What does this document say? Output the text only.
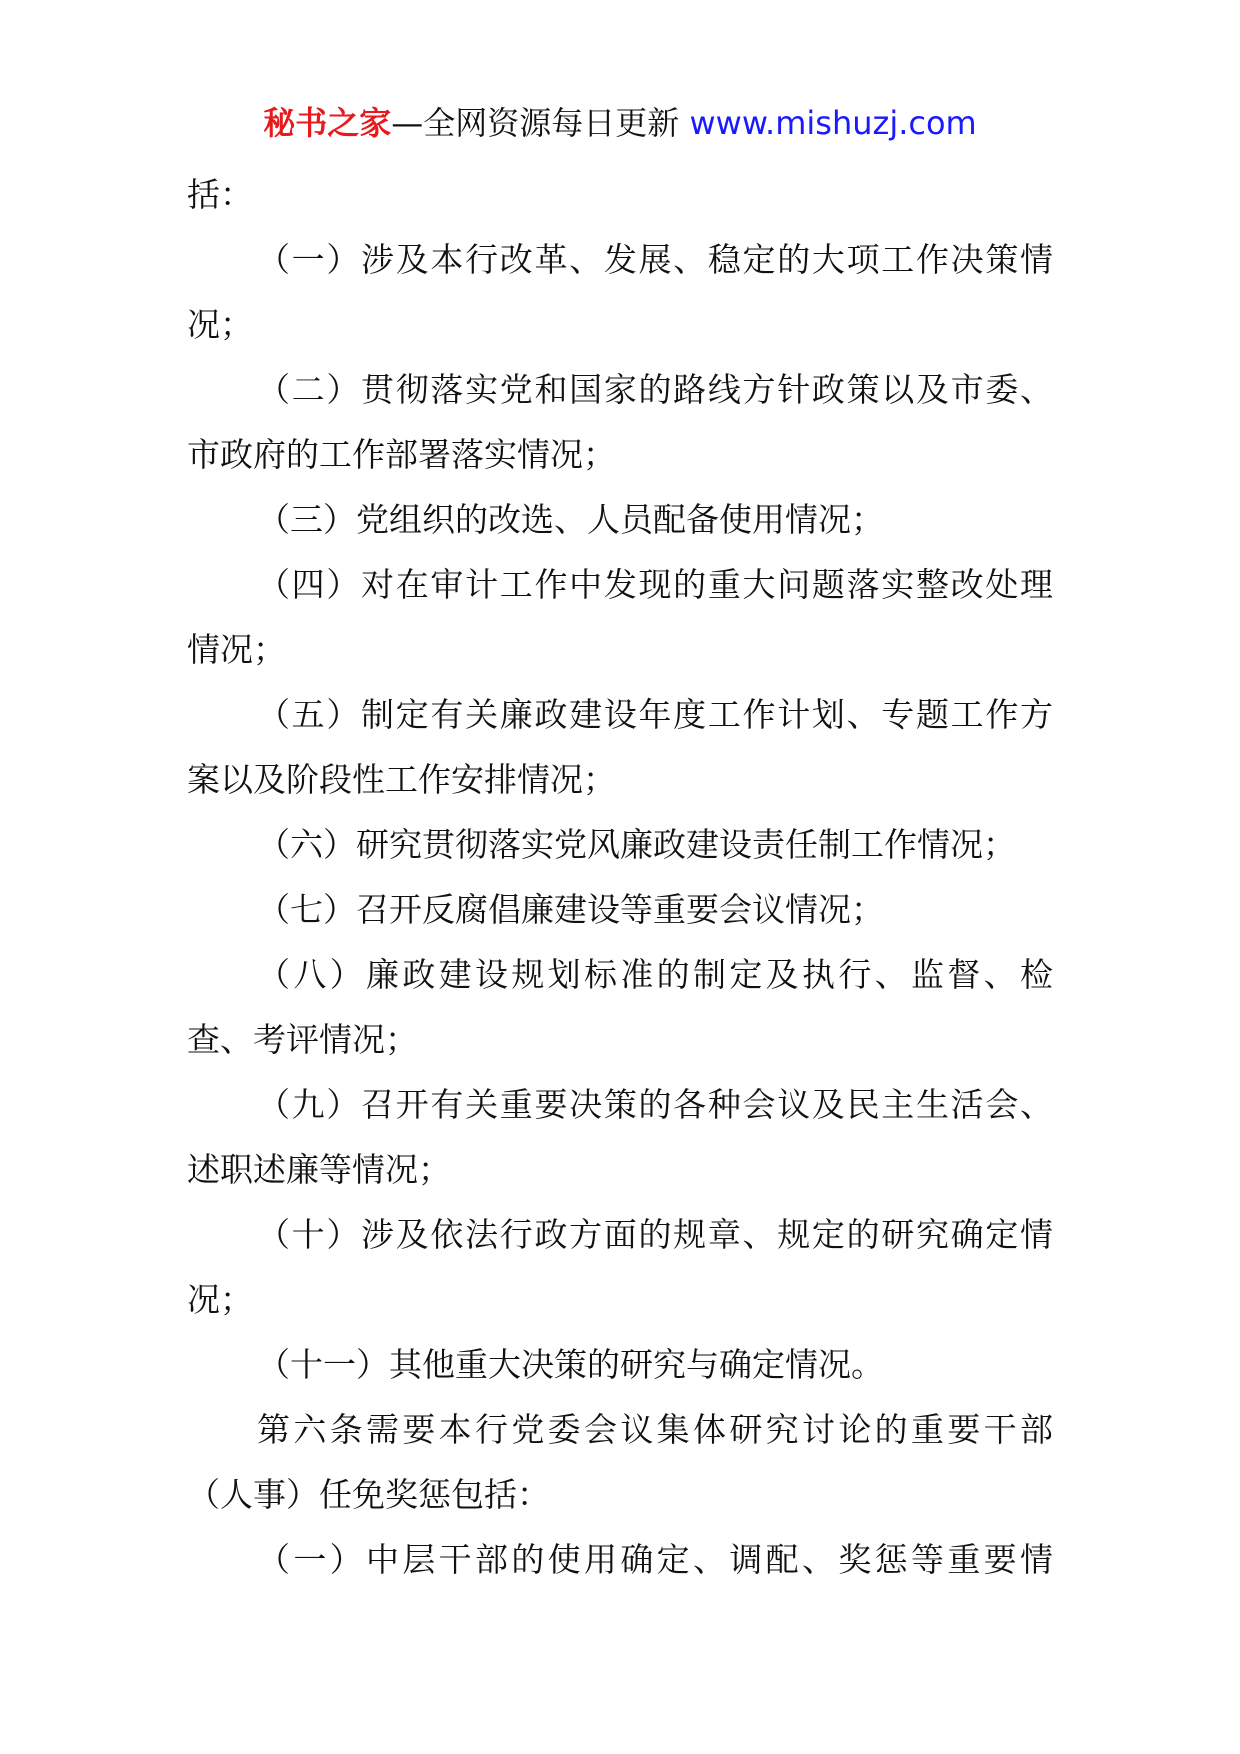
秘书之家—全网资源每日更新 www.mishuzj.com
括：
（一）涉及本行改革、发展、稳定的大项工作决策情
况；
（二）贯彻落实党和国家的路线方针政策以及市委、
市政府的工作部署落实情况；
（三）党组织的改选、人员配备使用情况；
（四）对在审计工作中发现的重大问题落实整改处理
情况；
（五）制定有关廉政建设年度工作计划、专题工作方
案以及阶段性工作安排情况；
（六）研究贯彻落实党风廉政建设责任制工作情况；
（七）召开反腐倡廉建设等重要会议情况；
（八）廉政建设规划标准的制定及执行、监督、检
查、考评情况；
（九）召开有关重要决策的各种会议及民主生活会、
述职述廉等情况；
（十）涉及依法行政方面的规章、规定的研究确定情
况；
（十一）其他重大决策的研究与确定情况。
第六条需要本行党委会议集体研究讨论的重要干部
（人事）任免奖惩包括：
（一）中层干部的使用确定、调配、奖惩等重要情
